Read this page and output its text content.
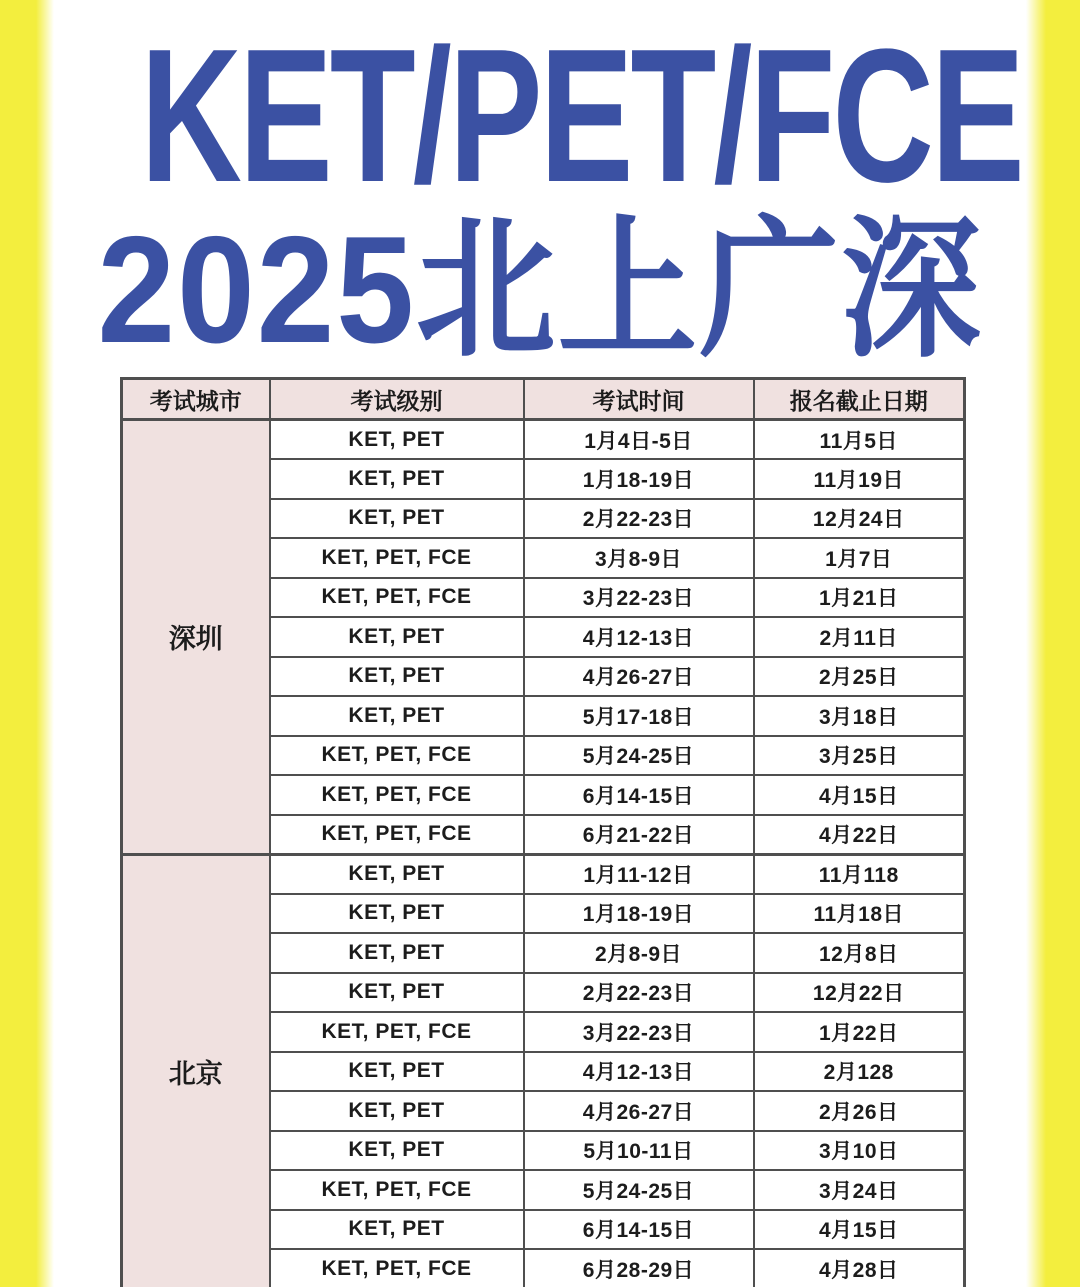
KET/PET/FCE
2025北上广深
考试城市	考试级别	考试时间	报名截止日期
深圳	KET, PET	1月4日-5日	11月5日
	KET, PET	1月18-19日	11月19日
	KET, PET	2月22-23日	12月24日
	KET, PET, FCE	3月8-9日	1月7日
	KET, PET, FCE	3月22-23日	1月21日
	KET, PET	4月12-13日	2月11日
	KET, PET	4月26-27日	2月25日
	KET, PET	5月17-18日	3月18日
	KET, PET, FCE	5月24-25日	3月25日
	KET, PET, FCE	6月14-15日	4月15日
	KET, PET, FCE	6月21-22日	4月22日
北京	KET, PET	1月11-12日	11月118
	KET, PET	1月18-19日	11月18日
	KET, PET	2月8-9日	12月8日
	KET, PET	2月22-23日	12月22日
	KET, PET, FCE	3月22-23日	1月22日
	KET, PET	4月12-13日	2月128
	KET, PET	4月26-27日	2月26日
	KET, PET	5月10-11日	3月10日
	KET, PET, FCE	5月24-25日	3月24日
	KET, PET	6月14-15日	4月15日
	KET, PET, FCE	6月28-29日	4月28日
